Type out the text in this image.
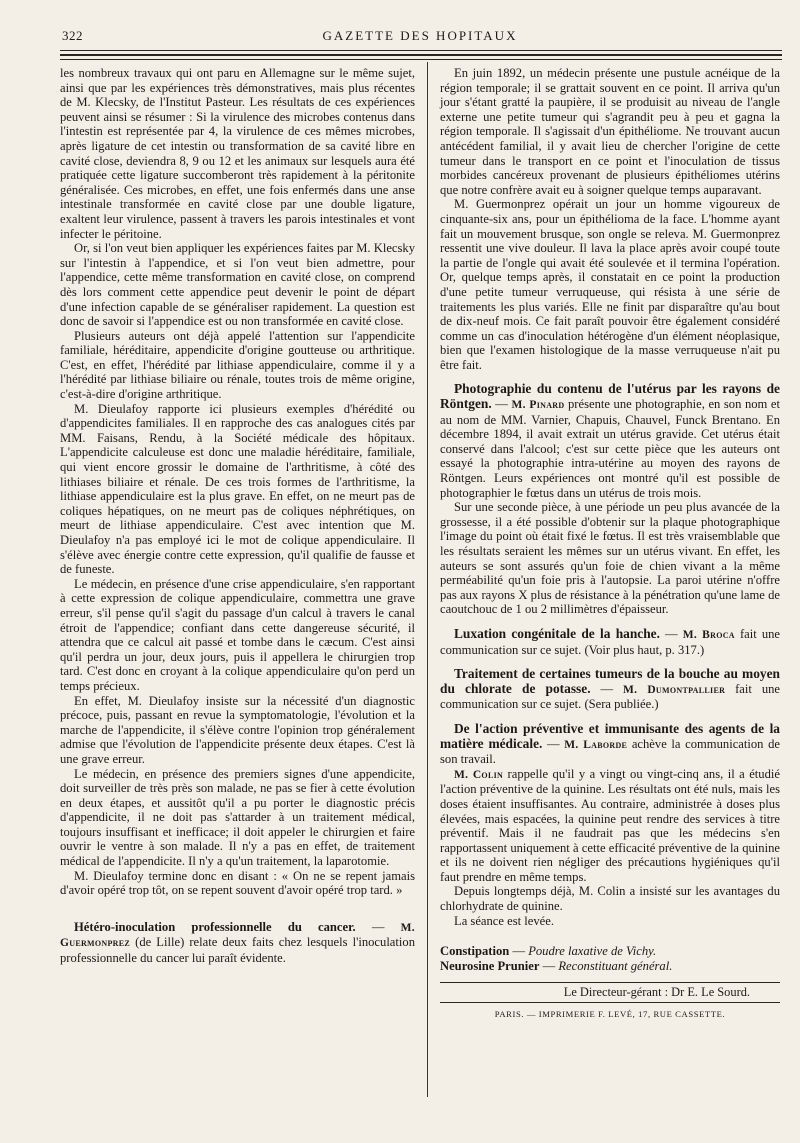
322	GAZETTE DES HOPITAUX

les nombreux travaux qui ont paru en Allemagne sur le même sujet, ainsi que par les expériences très démonstratives, mais plus récentes de M. Klecsky, de l'Institut Pasteur. Les résultats de ces expériences peuvent ainsi se résumer : Si la virulence des microbes contenus dans l'intestin est représentée par 4, la virulence de ces mêmes microbes, après ligature de cet intestin ou transformation de sa cavité libre en cavité close, deviendra 8, 9 ou 12 et les animaux sur lesquels aura été pratiquée cette ligature succomberont très rapidement à la péritonite généralisée. Ces microbes, en effet, une fois enfermés dans une anse intestinale transformée en cavité close par une double ligature, exaltent leur virulence, passent à travers les parois intestinales et vont infecter le péritoine.

Or, si l'on veut bien appliquer les expériences faites par M. Klecsky sur l'intestin à l'appendice, et si l'on veut bien admettre, pour l'appendice, cette même transformation en cavité close, on comprend dès lors comment cette appendice peut devenir le point de départ d'une infection capable de se généraliser rapidement. La question est donc de savoir si l'appendice est ou non transformée en cavité close.

Plusieurs auteurs ont déjà appelé l'attention sur l'appendicite familiale, héréditaire, appendicite d'origine goutteuse ou arthritique. C'est, en effet, l'hérédité par lithiase appendiculaire, comme il y a l'hérédité par lithiase biliaire ou rénale, toutes trois de même origine, c'est-à-dire d'origine arthritique.

M. Dieulafoy rapporte ici plusieurs exemples d'hérédité ou d'appendicites familiales. Il en rapproche des cas analogues cités par MM. Faisans, Rendu, à la Société médicale des hôpitaux. L'appendicite calculeuse est donc une maladie héréditaire, familiale, qui vient encore grossir le domaine de l'arthritisme, à côté des lithiases biliaire et rénale. De ces trois formes de l'arthritisme, la lithiase appendiculaire est la plus grave. En effet, on ne meurt pas de coliques hépatiques, on ne meurt pas de coliques néphrétiques, on meurt de lithiase appendiculaire. C'est avec intention que M. Dieulafoy n'a pas employé ici le mot de colique appendiculaire. Il s'élève avec énergie contre cette expression, qu'il qualifie de fausse et de funeste.

Le médecin, en présence d'une crise appendiculaire, s'en rapportant à cette expression de colique appendiculaire, commettra une grave erreur, s'il pense qu'il s'agit du passage d'un calcul à travers le canal étroit de l'appendice; confiant dans cette dangereuse sécurité, il attendra que ce calcul ait passé et tombe dans le cæcum. C'est ainsi qu'il perdra un jour, deux jours, puis il appellera le chirurgien trop tard. C'est donc en croyant à la colique appendiculaire qu'on perd un temps précieux.

En effet, M. Dieulafoy insiste sur la nécessité d'un diagnostic précoce, puis, passant en revue la symptomatologie, l'évolution et la marche de l'appendicite, il s'élève contre l'opinion trop généralement admise que l'évolution de l'appendicite présente deux étapes. C'est là une grave erreur.

Le médecin, en présence des premiers signes d'une appendicite, doit surveiller de très près son malade, ne pas se fier à cette évolution en deux étapes, et aussitôt qu'il a pu porter le diagnostic précis d'appendicite, il ne doit pas s'attarder à un traitement médical, toujours insuffisant et inefficace; il doit appeler le chirurgien et faire ouvrir le ventre à son malade. Il n'y a pas en effet, de traitement médical de l'appendicite. Il n'y a qu'un traitement, la laparotomie.

M. Dieulafoy termine donc en disant : « On ne se repent jamais d'avoir opéré trop tôt, on se repent souvent d'avoir opéré trop tard. »

Hétéro-inoculation professionnelle du cancer. — M. Guermonprez (de Lille) relate deux faits chez lesquels l'inoculation professionnelle du cancer lui paraît évidente.

En juin 1892, un médecin présente une pustule acnéique de la région temporale; il se grattait souvent en ce point. Il arriva qu'un jour s'étant gratté la paupière, il se produisit au niveau de l'angle externe une petite tumeur qui s'agrandit peu à peu et gagna la région temporale. Il s'agissait d'un épithéliome. Ne trouvant aucun antécédent familial, il y avait lieu de chercher l'origine de cette tumeur dans le transport en ce point et l'inoculation de tissus morbides cancéreux provenant de plusieurs épithéliomes utérins que notre confrère avait eu à soigner quelque temps auparavant.

M. Guermonprez opérait un jour un homme vigoureux de cinquante-six ans, pour un épithélioma de la face. L'homme ayant fait un mouvement brusque, son ongle se releva. M. Guermonprez ressentit une vive douleur. Il lava la place après avoir coupé toute la partie de l'ongle qui avait été soulevée et il termina l'opération. Or, quelque temps après, il constatait en ce point la production d'une petite tumeur verruqueuse, qui résista à une série de traitements les plus variés. Elle ne finit par disparaître qu'au bout de dix-neuf mois. Ce fait paraît pouvoir être également considéré comme un cas d'inoculation hétérogène d'un élément néoplasique, bien que l'examen histologique de la masse verruqueuse n'ait pu être fait.

Photographie du contenu de l'utérus par les rayons de Röntgen. — M. Pinard présente une photographie, en son nom et au nom de MM. Varnier, Chapuis, Chauvel, Funck Brentano. En décembre 1894, il avait extrait un utérus gravide. Cet utérus était conservé dans l'alcool; c'est sur cette pièce que les auteurs ont essayé la photographie intra-utérine au moyen des rayons de Röntgen. Leurs expériences ont montré qu'il est possible de photographier le fœtus dans un utérus de trois mois.

Sur une seconde pièce, à une période un peu plus avancée de la grossesse, il a été possible d'obtenir sur la plaque photographique l'image du point où était fixé le fœtus. Il est très vraisemblable que les résultats seraient les mêmes sur un utérus vivant. En effet, les auteurs se sont assurés qu'un foie de chien vivant a la même perméabilité qu'un foie pris à l'autopsie. La paroi utérine n'offre pas aux rayons X plus de résistance à la pénétration qu'une lame de caoutchouc de 1 ou 2 millimètres d'épaisseur.

Luxation congénitale de la hanche. — M. Broca fait une communication sur ce sujet. (Voir plus haut, p. 317.)

Traitement de certaines tumeurs de la bouche au moyen du chlorate de potasse. — M. Dumontpallier fait une communication sur ce sujet. (Sera publiée.)

De l'action préventive et immunisante des agents de la matière médicale. — M. Laborde achève la communication de son travail.

M. Colin rappelle qu'il y a vingt ou vingt-cinq ans, il a étudié l'action préventive de la quinine. Les résultats ont été nuls, mais les doses étaient insuffisantes. Au contraire, administrée à doses plus élevées, mais espacées, la quinine peut rendre des services à titre préventif. Mais il ne faudrait pas que les médecins s'en rapportassent uniquement à cette efficacité préventive de la quinine et ils ne doivent rien négliger des précautions hygiéniques qu'il faut prendre en même temps.

Depuis longtemps déjà, M. Colin a insisté sur les avantages du chlorhydrate de quinine.

La séance est levée.

Constipation — Poudre laxative de Vichy.
Neurosine Prunier — Reconstituant général.
Le Directeur-gérant : Dr E. Le Sourd.
PARIS. — IMPRIMERIE F. LEVÉ, 17, RUE CASSETTE.
